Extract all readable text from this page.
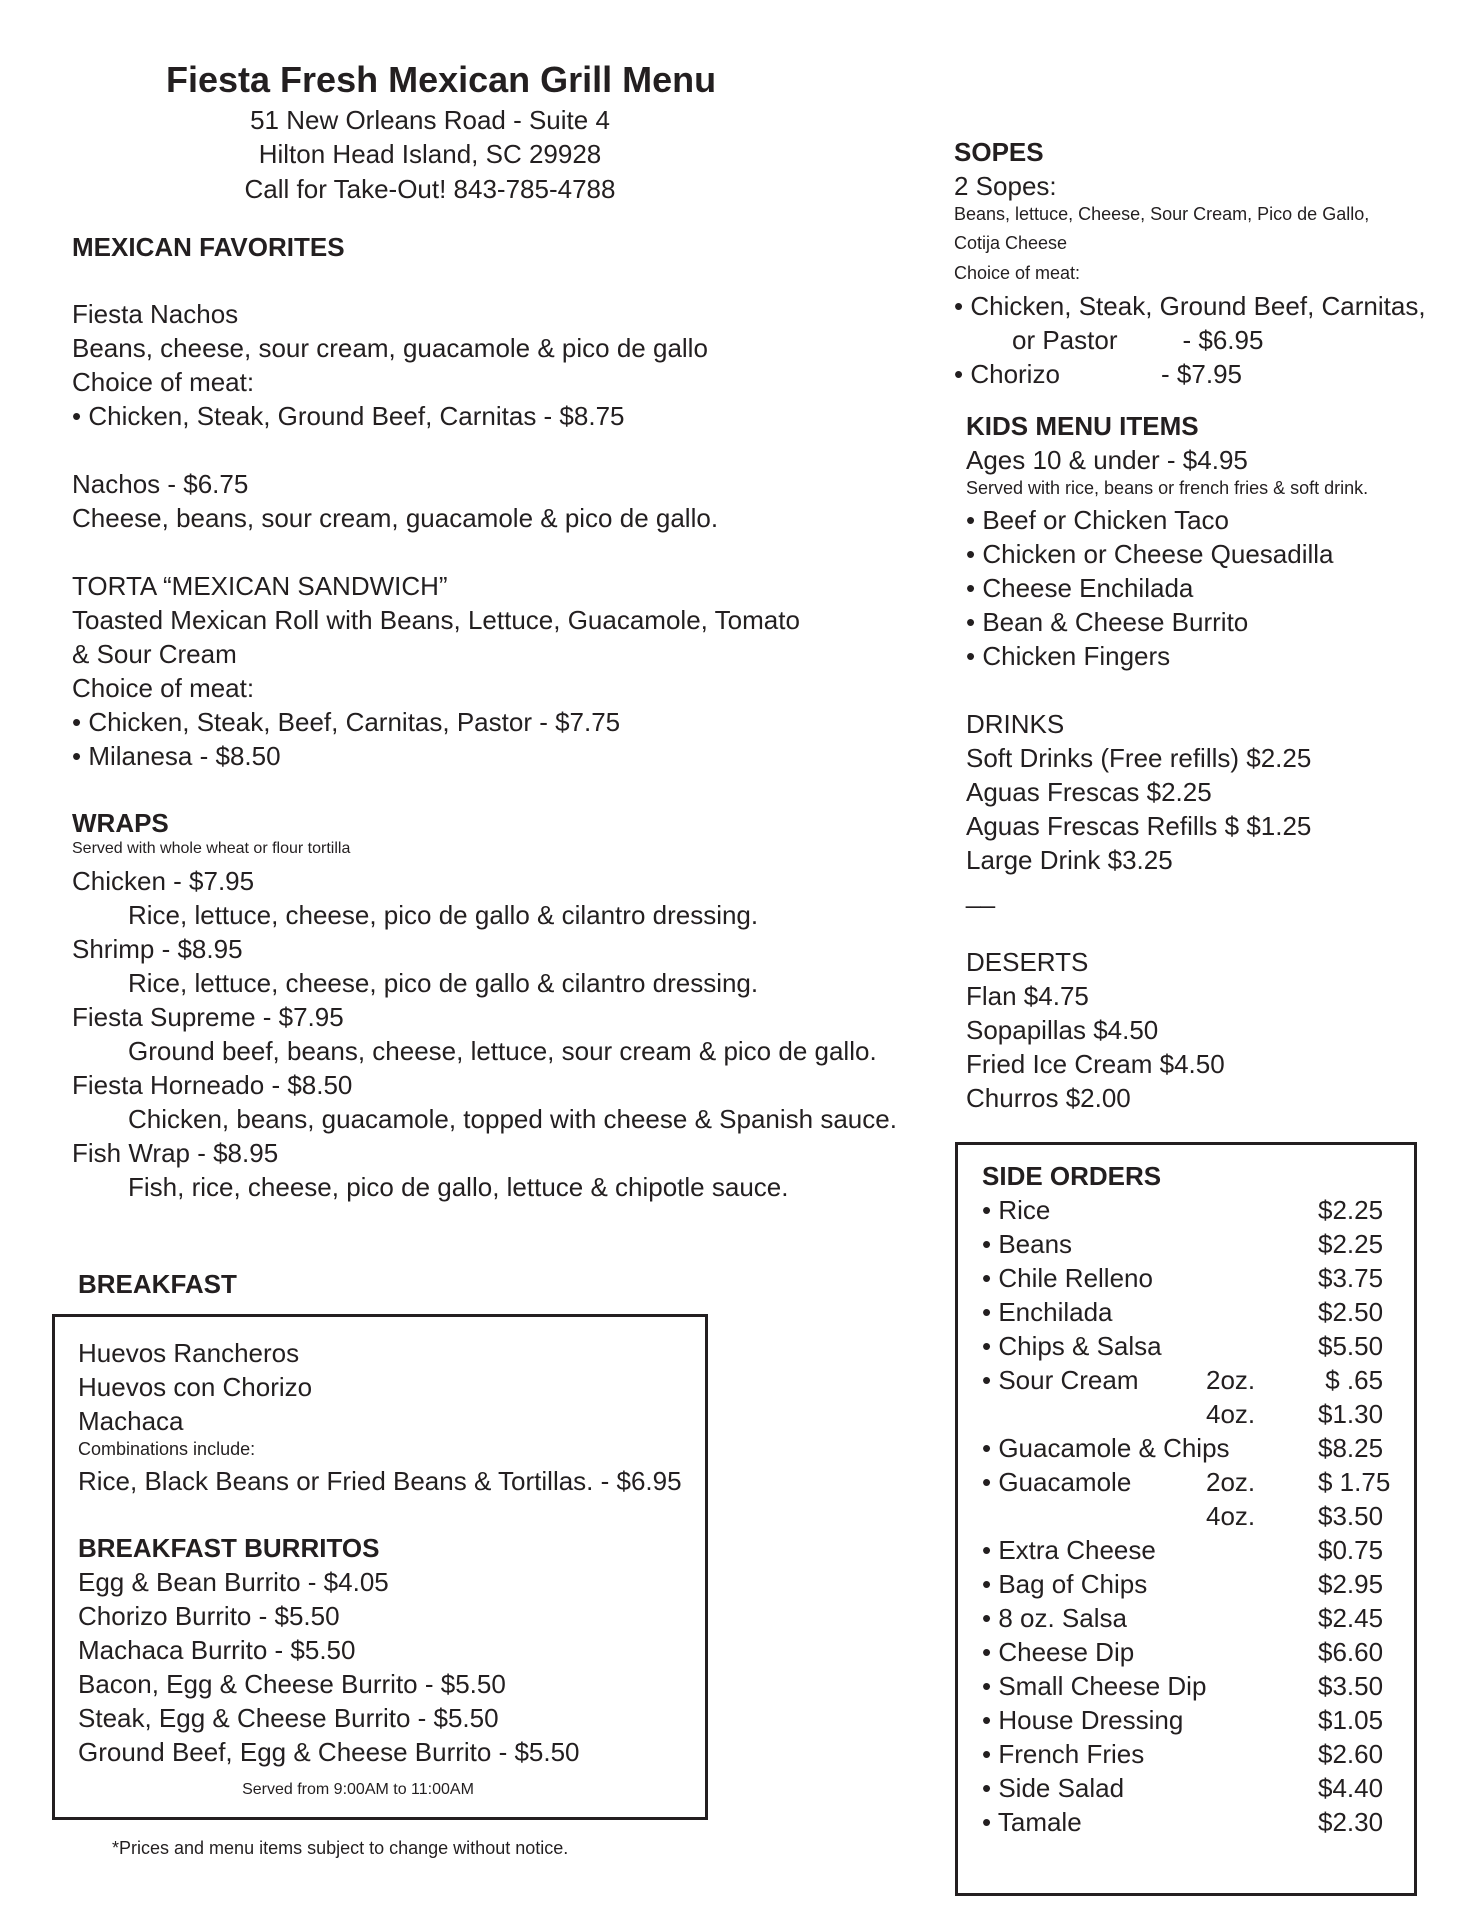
Fiesta Fresh Mexican Grill Menu
51 New Orleans Road - Suite 4
Hilton Head Island, SC 29928
Call for Take-Out! 843-785-4788
MEXICAN FAVORITES
Fiesta Nachos
Beans, cheese, sour cream, guacamole & pico de gallo
Choice of meat:
• Chicken, Steak, Ground Beef, Carnitas - $8.75
Nachos - $6.75
Cheese, beans, sour cream, guacamole & pico de gallo.
TORTA “MEXICAN SANDWICH”
Toasted Mexican Roll with Beans, Lettuce, Guacamole, Tomato
& Sour Cream
Choice of meat:
• Chicken, Steak, Beef, Carnitas, Pastor - $7.75
• Milanesa - $8.50
WRAPS
Served with whole wheat or flour tortilla
Chicken - $7.95
Rice, lettuce, cheese, pico de gallo & cilantro dressing.
Shrimp - $8.95
Rice, lettuce, cheese, pico de gallo & cilantro dressing.
Fiesta Supreme - $7.95
Ground beef, beans, cheese, lettuce, sour cream & pico de gallo.
Fiesta Horneado - $8.50
Chicken, beans, guacamole, topped with cheese & Spanish sauce.
Fish Wrap - $8.95
Fish, rice, cheese, pico de gallo, lettuce & chipotle sauce.
BREAKFAST
Huevos Rancheros
Huevos con Chorizo
Machaca
Combinations include:
Rice, Black Beans or Fried Beans & Tortillas. - $6.95
BREAKFAST BURRITOS
Egg & Bean Burrito - $4.05
Chorizo Burrito - $5.50
Machaca Burrito - $5.50
Bacon, Egg & Cheese Burrito - $5.50
Steak, Egg & Cheese Burrito - $5.50
Ground Beef, Egg & Cheese Burrito - $5.50
Served from 9:00AM to 11:00AM
*Prices and menu items subject to change without notice.
SOPES
2 Sopes:
Beans, lettuce, Cheese, Sour Cream, Pico de Gallo,
Cotija Cheese
Choice of meat:
• Chicken, Steak, Ground Beef, Carnitas,
or Pastor         - $6.95
• Chorizo              - $7.95
KIDS MENU ITEMS
Ages 10 & under - $4.95
Served with rice, beans or french fries & soft drink.
• Beef or Chicken Taco
• Chicken or Cheese Quesadilla
• Cheese Enchilada
• Bean & Cheese Burrito
• Chicken Fingers
DRINKS
Soft Drinks (Free refills) $2.25
Aguas Frescas $2.25
Aguas Frescas Refills $ $1.25
Large Drink $3.25
__
DESERTS
Flan $4.75
Sopapillas $4.50
Fried Ice Cream $4.50
Churros $2.00
SIDE ORDERS
• Rice	$2.25
• Beans	$2.25
• Chile Relleno	$3.75
• Enchilada	$2.50
• Chips & Salsa	$5.50
• Sour Cream	2oz. $ .65
4oz. $1.30
• Guacamole & Chips	$8.25
• Guacamole	2oz. $ 1.75
4oz. $3.50
• Extra Cheese	$0.75
• Bag of Chips	$2.95
• 8 oz. Salsa	$2.45
• Cheese Dip	$6.60
• Small Cheese Dip	$3.50
• House Dressing	$1.05
• French Fries	$2.60
• Side Salad	$4.40
• Tamale	$2.30
